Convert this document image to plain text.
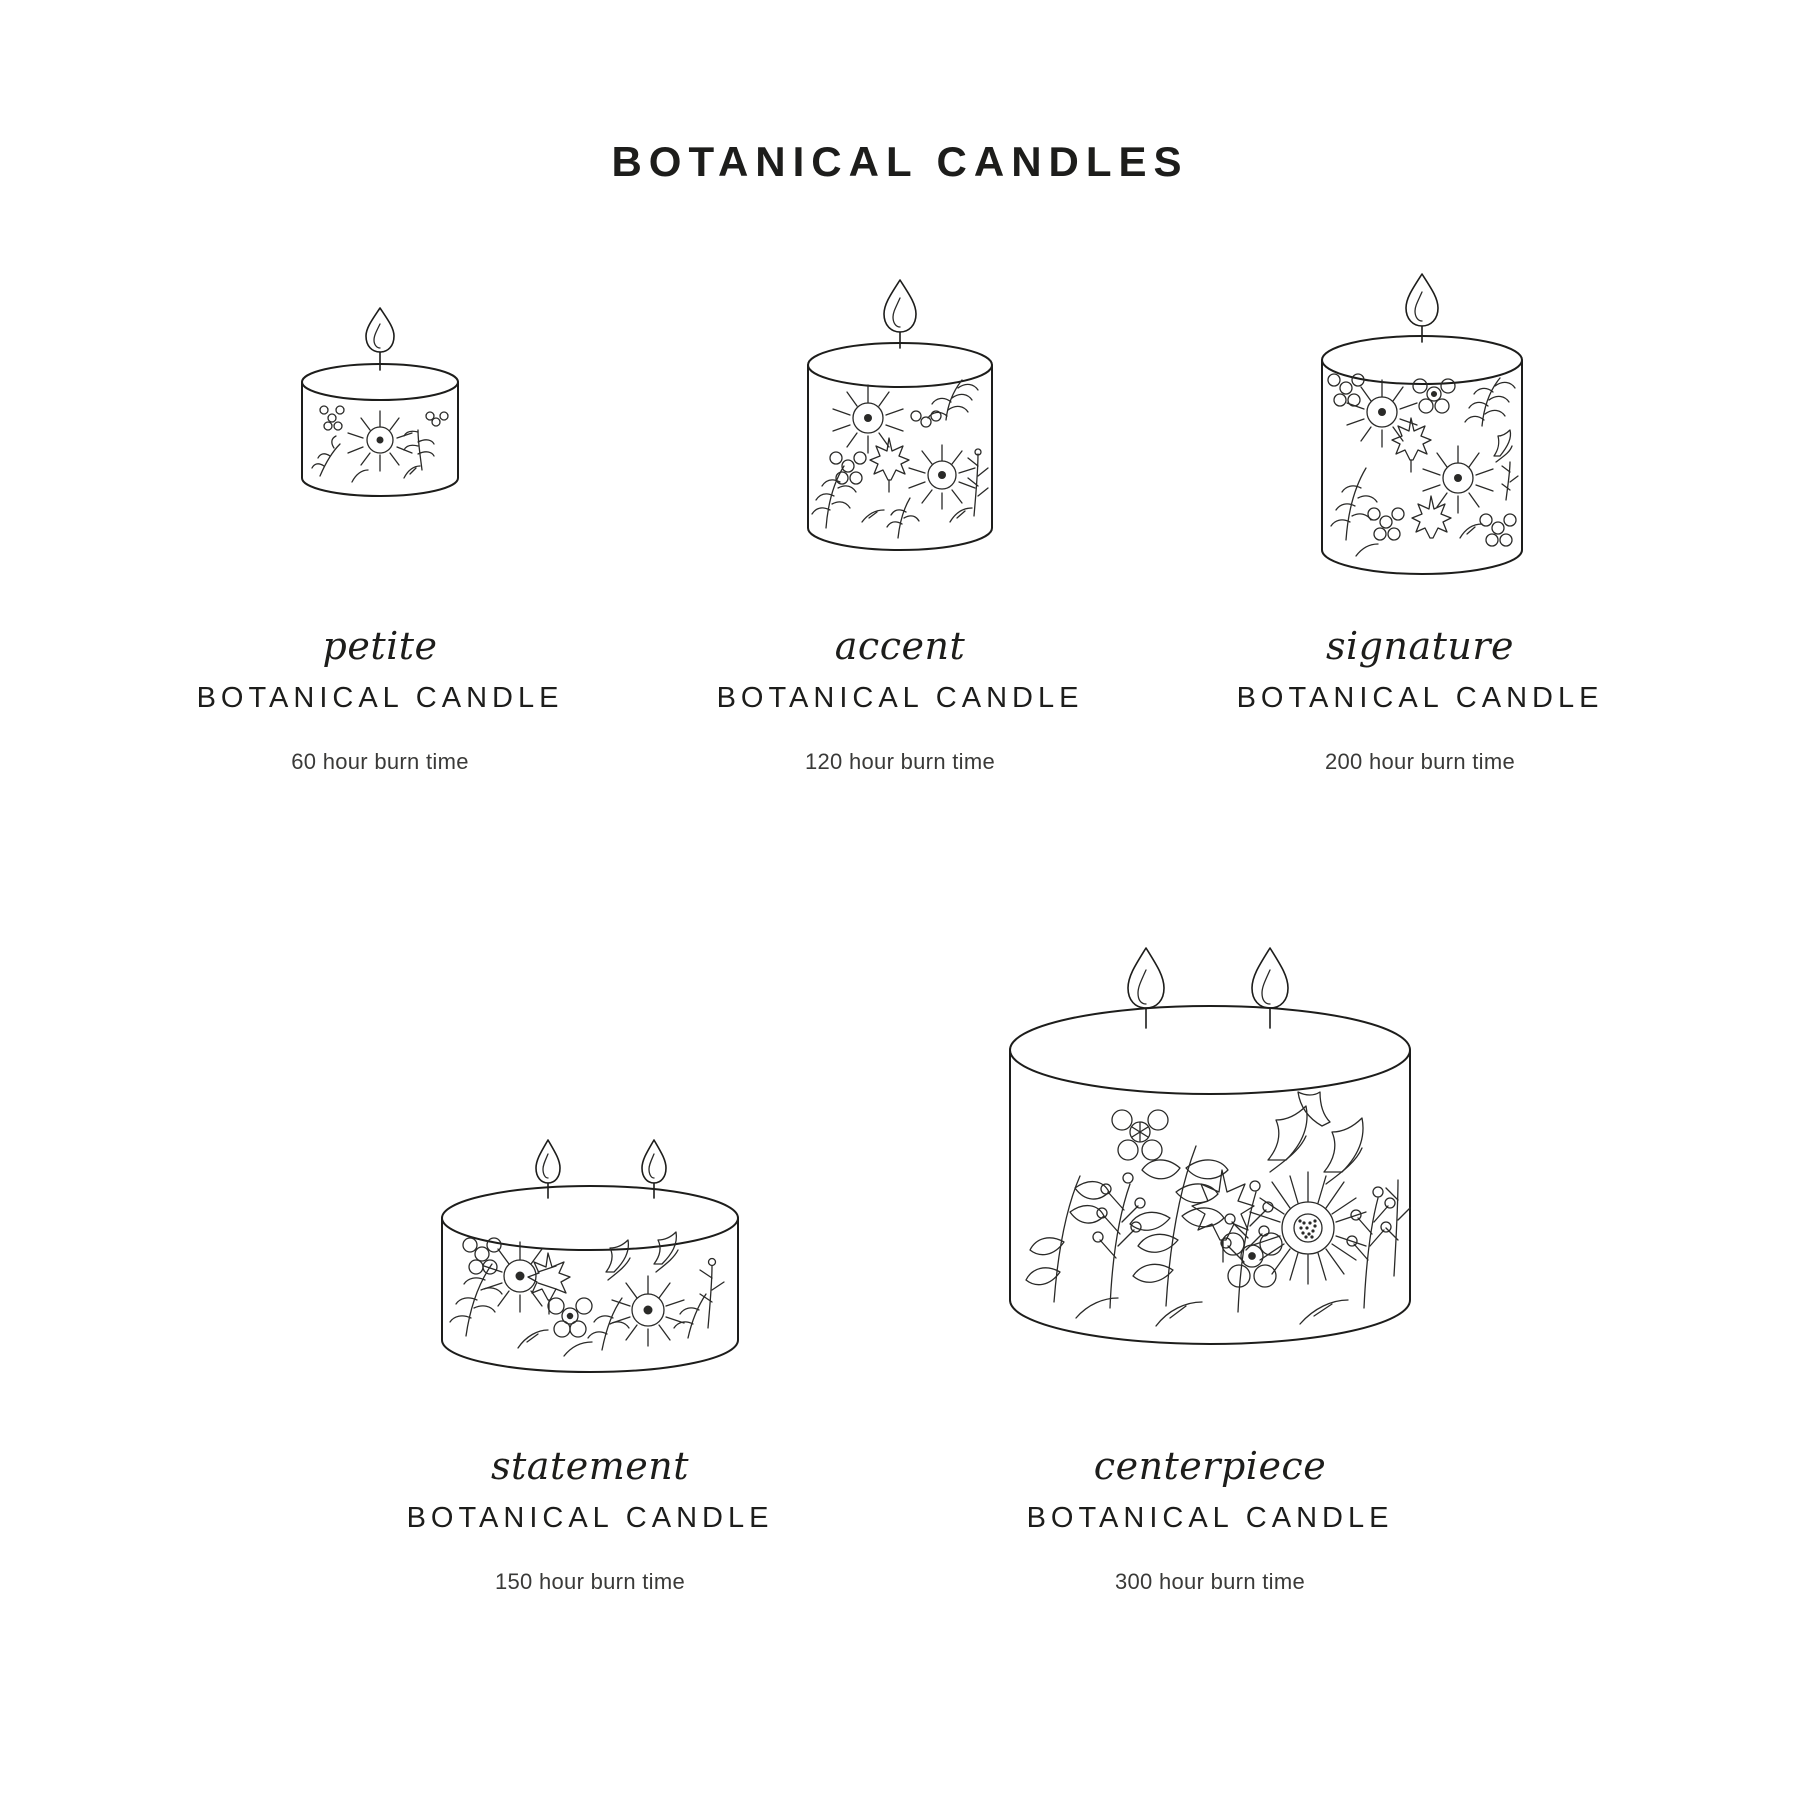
BOTANICAL CANDLES
petite
BOTANICAL CANDLE
60 hour burn time
accent
BOTANICAL CANDLE
120 hour burn time
signature
BOTANICAL CANDLE
200 hour burn time
statement
BOTANICAL CANDLE
150 hour burn time
centerpiece
BOTANICAL CANDLE
300 hour burn time
